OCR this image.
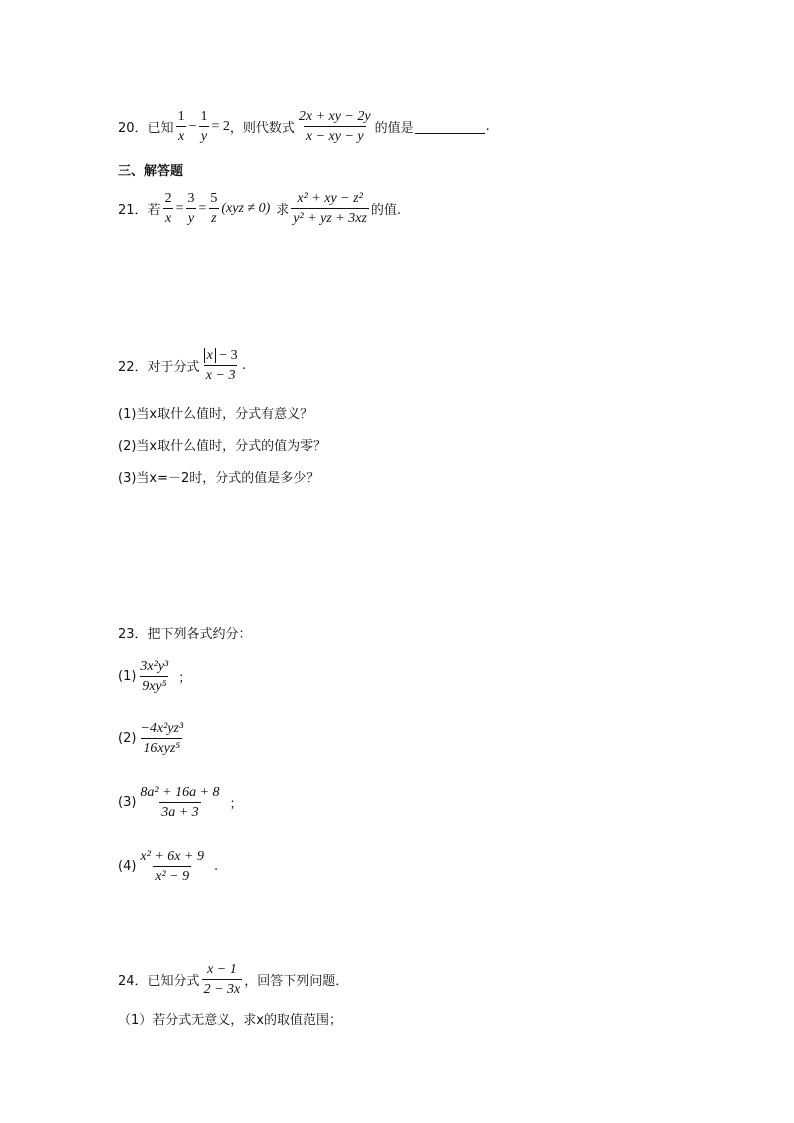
20． 已知 $\frac{1}{x} - \frac{1}{y} = 2$ ，则代数式 $\frac{2x + xy - 2y}{x - xy - y}$ 的值是	.
三、解答题
21． 若 $\frac{2}{x} = \frac{3}{y} = \frac{5}{z} (xyz \ne 0)$ 求 $\frac{\text{x² + xy − z²}}{\text{y² + yz + 3xz}}$ 的值.
22． 对于分式 $\frac{x - 3}{x - 3}$ .
(1)当x取什么值时，分式有意义？
(2)当x取什么值时，分式的值为零？
(3)当x=－2时，分式的值是多少？
23． 把下列各式约分：
$(1) \frac{\text{3x²y³}}{\text{9xy⁵}}$ ；
$(2) \frac{\text{−4x²yz³}}{\text{16xyz⁵}}$
$(3) \frac{\text{8a² + 16a + 8}}{3a + 3}$ ；
$(4) \frac{\text{x² + 6x + 9}}{\text{x² − 9}}$ .
24． 已知分式 $\frac{x - 1}{2 - 3x}$ ，回答下列问题．
（1）若分式无意义，求x的取值范围；
